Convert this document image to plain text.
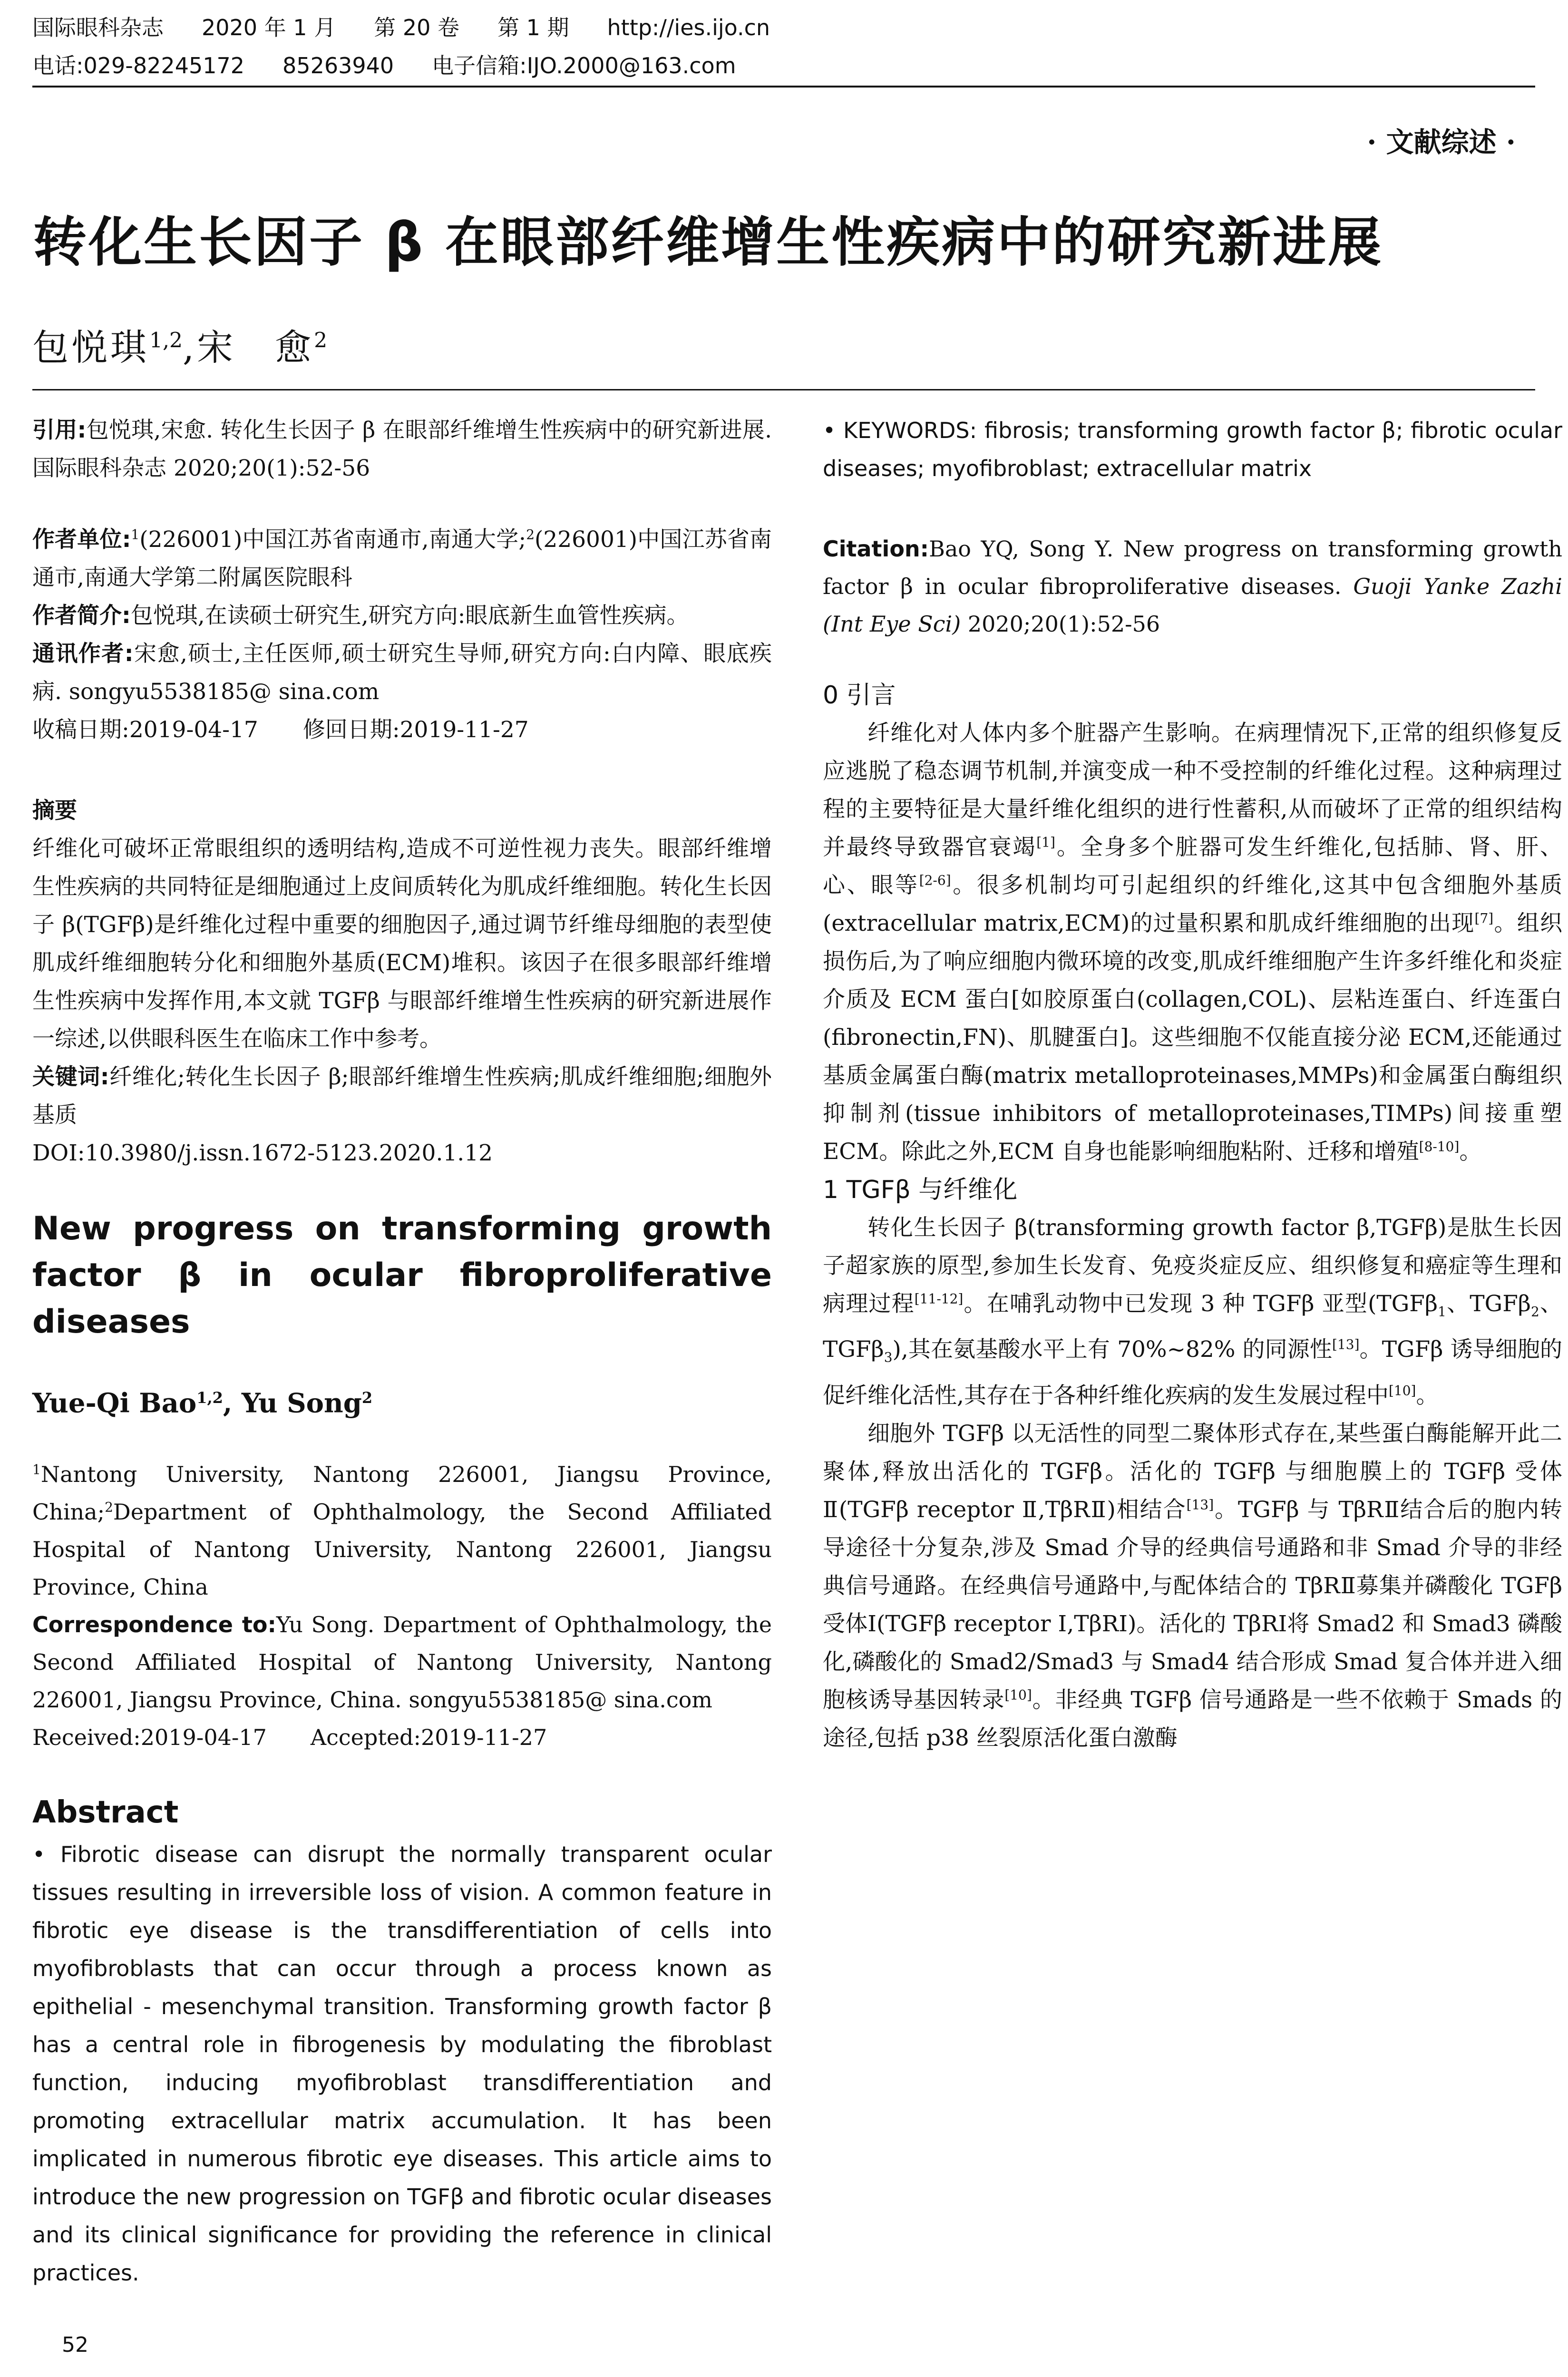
国际眼科杂志 2020 年 1 月 第 20 卷 第 1 期 http://ies.ijo.cn
电话:029-82245172 85263940 电子信箱:IJO.2000@163.com
· 文献综述 ·
转化生长因子 β 在眼部纤维增生性疾病中的研究新进展
包悦琪$^{1,2}$,宋　愈$^2$

引用:包悦琪,宋愈. 转化生长因子 β 在眼部纤维增生性疾病中的研究新进展. 国际眼科杂志 2020;20(1):52-56

作者单位:$^1$(226001)中国江苏省南通市,南通大学;$^2$(226001)中国江苏省南通市,南通大学第二附属医院眼科

作者简介:包悦琪,在读硕士研究生,研究方向:眼底新生血管性疾病。

通讯作者:宋愈,硕士,主任医师,硕士研究生导师,研究方向:白内障、眼底疾病. songyu5538185@ sina.com

收稿日期:2019-04-17　　修回日期:2019-11-27

摘要

纤维化可破坏正常眼组织的透明结构,造成不可逆性视力丧失。眼部纤维增生性疾病的共同特征是细胞通过上皮间质转化为肌成纤维细胞。转化生长因子 β(TGFβ)是纤维化过程中重要的细胞因子,通过调节纤维母细胞的表型使肌成纤维细胞转分化和细胞外基质(ECM)堆积。该因子在很多眼部纤维增生性疾病中发挥作用,本文就 TGFβ 与眼部纤维增生性疾病的研究新进展作一综述,以供眼科医生在临床工作中参考。

关键词:纤维化;转化生长因子 β;眼部纤维增生性疾病;肌成纤维细胞;细胞外基质

DOI:10.3980/j.issn.1672-5123.2020.1.12

New progress on transforming growth factor β in ocular fibroproliferative diseases

Yue-Qi Bao$^{1,2}$, Yu Song$^2$

$^1$Nantong University, Nantong 226001, Jiangsu Province, China;$^2$Department of Ophthalmology, the Second Affiliated Hospital of Nantong University, Nantong 226001, Jiangsu Province, China

Correspondence to:Yu Song. Department of Ophthalmology, the Second Affiliated Hospital of Nantong University, Nantong 226001, Jiangsu Province, China. songyu5538185@ sina.com

Received:2019-04-17　　Accepted:2019-11-27

Abstract

• Fibrotic disease can disrupt the normally transparent ocular tissues resulting in irreversible loss of vision. A common feature in fibrotic eye disease is the transdifferentiation of cells into myofibroblasts that can occur through a process known as epithelial - mesenchymal transition. Transforming growth factor β has a central role in fibrogenesis by modulating the fibroblast function, inducing myofibroblast transdifferentiation and promoting extracellular matrix accumulation. It has been implicated in numerous fibrotic eye diseases. This article aims to introduce the new progression on TGFβ and fibrotic ocular diseases and its clinical significance for providing the reference in clinical practices.

• KEYWORDS: fibrosis; transforming growth factor β; fibrotic ocular diseases; myofibroblast; extracellular matrix

Citation:Bao YQ, Song Y. New progress on transforming growth factor β in ocular fibroproliferative diseases. Guoji Yanke Zazhi (Int Eye Sci) 2020;20(1):52-56

0 引言

纤维化对人体内多个脏器产生影响。在病理情况下,正常的组织修复反应逃脱了稳态调节机制,并演变成一种不受控制的纤维化过程。这种病理过程的主要特征是大量纤维化组织的进行性蓄积,从而破坏了正常的组织结构并最终导致器官衰竭[1]。全身多个脏器可发生纤维化,包括肺、肾、肝、心、眼等[2-6]。很多机制均可引起组织的纤维化,这其中包含细胞外基质(extracellular matrix,ECM)的过量积累和肌成纤维细胞的出现[7]。组织损伤后,为了响应细胞内微环境的改变,肌成纤维细胞产生许多纤维化和炎症介质及 ECM 蛋白[如胶原蛋白(collagen,COL)、层粘连蛋白、纤连蛋白(fibronectin,FN)、肌腱蛋白]。这些细胞不仅能直接分泌 ECM,还能通过基质金属蛋白酶(matrix metalloproteinases,MMPs)和金属蛋白酶组织抑制剂(tissue inhibitors of metalloproteinases,TIMPs)间接重塑 ECM。除此之外,ECM 自身也能影响细胞粘附、迁移和增殖[8-10]。

1 TGFβ 与纤维化

转化生长因子 β(transforming growth factor β,TGFβ)是肽生长因子超家族的原型,参加生长发育、免疫炎症反应、组织修复和癌症等生理和病理过程[11-12]。在哺乳动物中已发现 3 种 TGFβ 亚型(TGFβ$_1$、TGFβ$_2$、TGFβ$_3$),其在氨基酸水平上有 70%~82% 的同源性[13]。TGFβ 诱导细胞的促纤维化活性,其存在于各种纤维化疾病的发生发展过程中[10]。

细胞外 TGFβ 以无活性的同型二聚体形式存在,某些蛋白酶能解开此二聚体,释放出活化的 TGFβ。活化的 TGFβ 与细胞膜上的 TGFβ 受体Ⅱ(TGFβ receptor Ⅱ,TβRⅡ)相结合[13]。TGFβ 与 TβRⅡ结合后的胞内转导途径十分复杂,涉及 Smad 介导的经典信号通路和非 Smad 介导的非经典信号通路。在经典信号通路中,与配体结合的 TβRⅡ募集并磷酸化 TGFβ 受体Ⅰ(TGFβ receptor Ⅰ,TβRⅠ)。活化的 TβRⅠ将 Smad2 和 Smad3 磷酸化,磷酸化的 Smad2/Smad3 与 Smad4 结合形成 Smad 复合体并进入细胞核诱导基因转录[10]。非经典 TGFβ 信号通路是一些不依赖于 Smads 的途径,包括 p38 丝裂原活化蛋白激酶

52
